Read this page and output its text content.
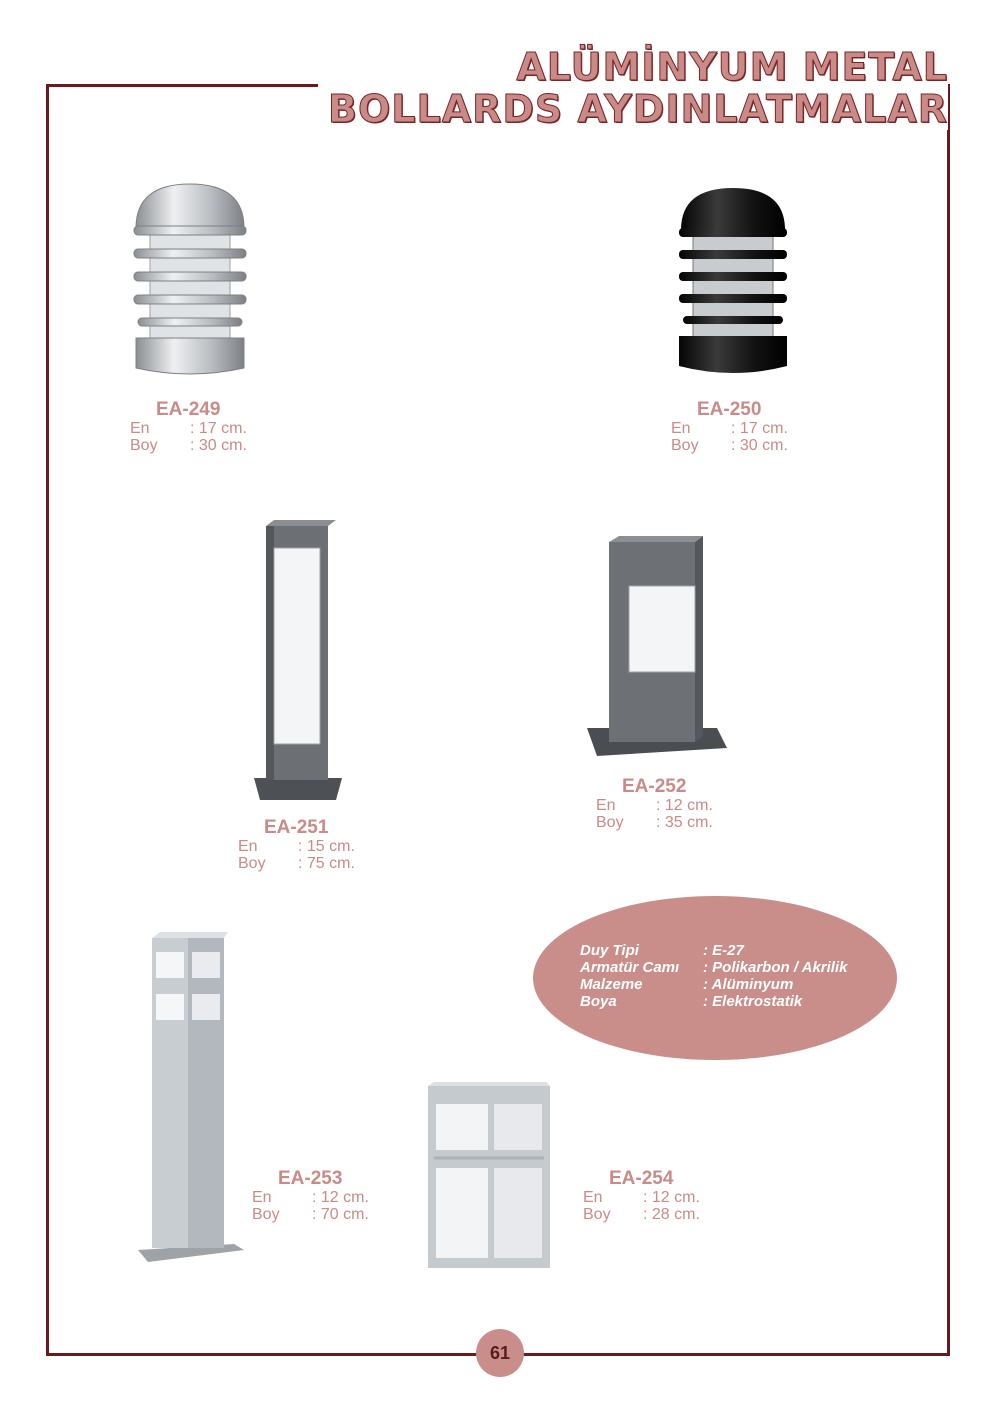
ALÜMİNYUM METAL
BOLLARDS AYDINLATMALAR
EA-249
En	: 17 cm.
Boy : 30 cm.
EA-250
En	: 17 cm.
Boy : 30 cm.
EA-251
En	: 15 cm.
Boy : 75 cm.
EA-252
En	: 12 cm.
Boy : 35 cm.
EA-253
En	: 12 cm.
Boy : 70 cm.
EA-254
En	: 12 cm.
Boy : 28 cm.
Duy Tipi	: E-27
Armatür Camı : Polikarbon / Akrilik
Malzeme	: Alüminyum
Boya	: Elektrostatik
61
